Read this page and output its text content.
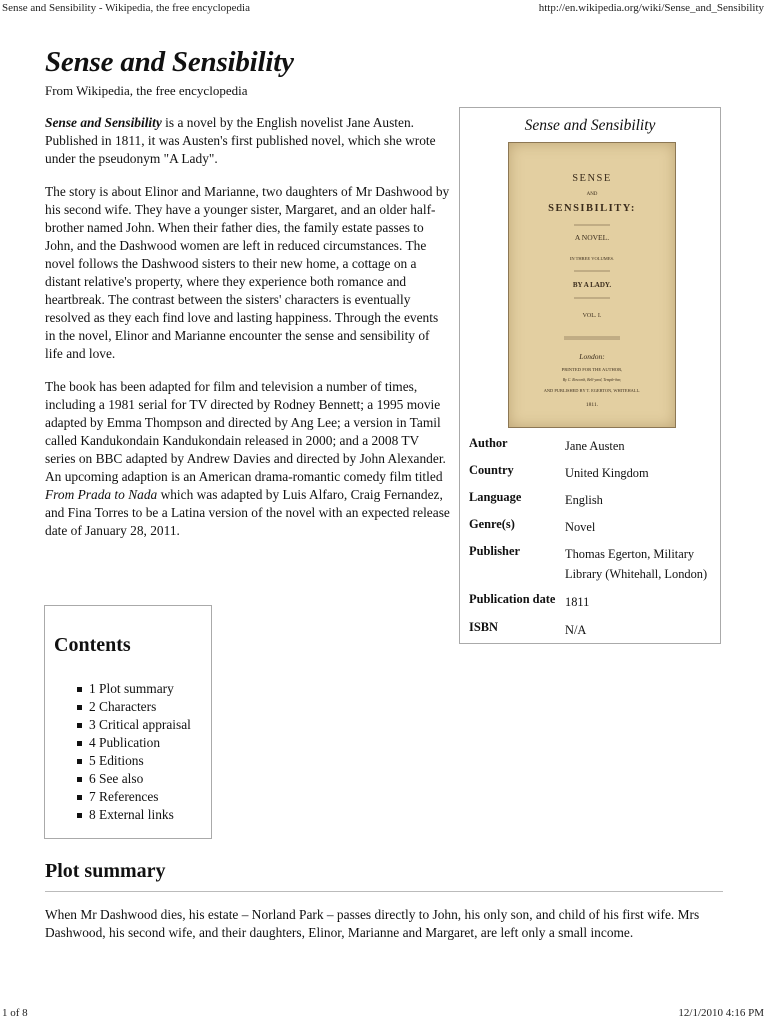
Sense and Sensibility - Wikipedia, the free encyclopedia	http://en.wikipedia.org/wiki/Sense_and_Sensibility
Sense and Sensibility
From Wikipedia, the free encyclopedia

Sense and Sensibility is a novel by the English novelist Jane Austen. Published in 1811, it was Austen's first published novel, which she wrote under the pseudonym "A Lady".

The story is about Elinor and Marianne, two daughters of Mr Dashwood by his second wife. They have a younger sister, Margaret, and an older half-brother named John. When their father dies, the family estate passes to John, and the Dashwood women are left in reduced circumstances. The novel follows the Dashwood sisters to their new home, a cottage on a distant relative's property, where they experience both romance and heartbreak. The contrast between the sisters' characters is eventually resolved as they each find love and lasting happiness. Through the events in the novel, Elinor and Marianne encounter the sense and sensibility of life and love.

The book has been adapted for film and television a number of times, including a 1981 serial for TV directed by Rodney Bennett; a 1995 movie adapted by Emma Thompson and directed by Ang Lee; a version in Tamil called Kandukondain Kandukondain released in 2000; and a 2008 TV series on BBC adapted by Andrew Davies and directed by John Alexander. An upcoming adaption is an American drama-romantic comedy film titled From Prada to Nada which was adapted by Luis Alfaro, Craig Fernandez, and Fina Torres to be a Latina version of the novel with an expected release date of January 28, 2011.

Sense and Sensibility
SENSE
AND
SENSIBILITY:
A NOVEL.
IN THREE VOLUMES.
BY A LADY.
VOL. I.
London:
PRINTED FOR THE AUTHOR,
By C. Roworth, Bell-yard, Temple-bar,
AND PUBLISHED BY T. EGERTON, WHITEHALL.
1811.
Author	Jane Austen
Country	United Kingdom
Language	English
Genre(s)	Novel
Publisher	Thomas Egerton, Military Library (Whitehall, London)
Publication date 1811
ISBN	N/A
Contents
1 Plot summary
2 Characters
3 Critical appraisal
4 Publication
5 Editions
6 See also
7 References
8 External links
Plot summary

When Mr Dashwood dies, his estate – Norland Park – passes directly to John, his only son, and child of his first wife. Mrs Dashwood, his second wife, and their daughters, Elinor, Marianne and Margaret, are left only a small income.

1 of 8	12/1/2010 4:16 PM
